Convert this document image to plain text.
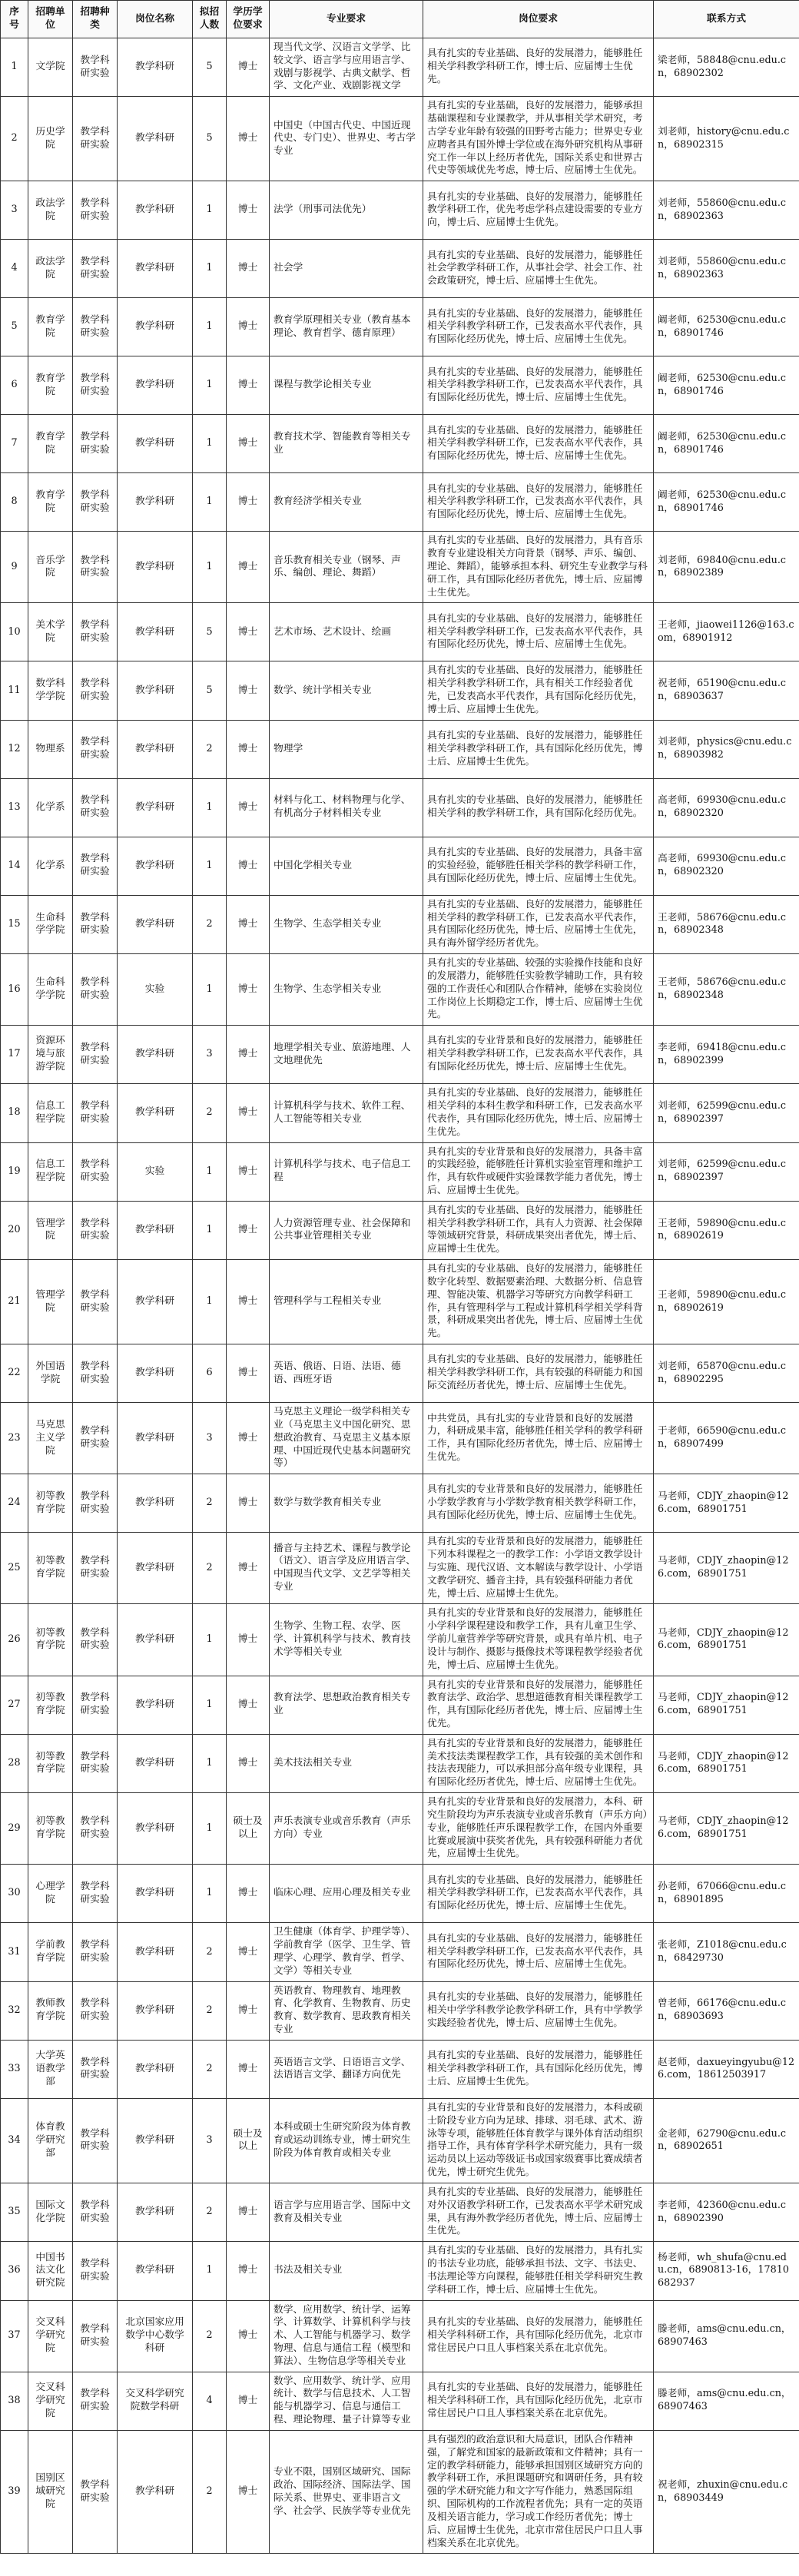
序号	招聘单位	招聘种类	岗位名称	拟招人数	学历学位要求	专业要求	岗位要求	联系方式
1	文学院	教学科研实验	教学科研	5	博士	现当代文学、汉语言文学学、比较文学、语言学与应用语言学、戏剧与影视学、古典文献学、哲学、文化产业、戏剧影视文学	具有扎实的专业基础、良好的发展潜力，能够胜任相关学科教学科研工作，博士后、应届博士生优先。	梁老师，58848@cnu.edu.cn，68902302
2	历史学院	教学科研实验	教学科研	5	博士	中国史（中国古代史、中国近现代史、专门史）、世界史、考古学专业	具有扎实的专业基础，良好的发展潜力，能够承担基础课程和专业课教学，并从事相关学术研究，考古学专业年龄有较强的田野考古能力；世界史专业应聘者具有国外博士学位或在海外研究机构从事研究工作一年以上经历者优先，国际关系史和世界古代史等领域优先考虑，博士后、应届博士生优先。	刘老师，history@cnu.edu.cn，68902315
3	政法学院	教学科研实验	教学科研	1	博士	法学（刑事司法优先）	具有扎实的专业基础、良好的发展潜力，能够胜任教学科研工作，优先考虑学科点建设需要的专业方向，博士后、应届博士生优先。	刘老师，55860@cnu.edu.cn，68902363
4	政法学院	教学科研实验	教学科研	1	博士	社会学	具有扎实的专业基础、良好的发展潜力，能够胜任社会学教学科研工作，从事社会学、社会工作、社会政策研究，博士后、应届博士生优先。	刘老师，55860@cnu.edu.cn，68902363
5	教育学院	教学科研实验	教学科研	1	博士	教育学原理相关专业（教育基本理论、教育哲学、德育原理）	具有扎实的专业基础、良好的发展潜力，能够胜任相关学科教学科研工作，已发表高水平代表作，具有国际化经历优先，博士后、应届博士生优先。	阚老师，62530@cnu.edu.cn，68901746
6	教育学院	教学科研实验	教学科研	1	博士	课程与教学论相关专业	具有扎实的专业基础、良好的发展潜力，能够胜任相关学科教学科研工作，已发表高水平代表作，具有国际化经历优先，博士后、应届博士生优先。	阚老师，62530@cnu.edu.cn，68901746
7	教育学院	教学科研实验	教学科研	1	博士	教育技术学、智能教育等相关专业	具有扎实的专业基础、良好的发展潜力，能够胜任相关学科教学科研工作，已发表高水平代表作，具有国际化经历优先，博士后、应届博士生优先。	阚老师，62530@cnu.edu.cn，68901746
8	教育学院	教学科研实验	教学科研	1	博士	教育经济学相关专业	具有扎实的专业基础、良好的发展潜力，能够胜任相关学科教学科研工作，已发表高水平代表作，具有国际化经历优先，博士后、应届博士生优先。	阚老师，62530@cnu.edu.cn，68901746
9	音乐学院	教学科研实验	教学科研	1	博士	音乐教育相关专业（钢琴、声乐、编创、理论、舞蹈）	具有扎实的专业基础、良好的发展潜力，具有音乐教育专业建设相关方向背景（钢琴、声乐、编创、理论、舞蹈），能够承担本科、研究生专业教学与科研工作，具有国际化经历者优先，博士后、应届博士生优先。	刘老师，69840@cnu.edu.cn，68902389
10	美术学院	教学科研实验	教学科研	5	博士	艺术市场、艺术设计、绘画	具有扎实的专业基础、良好的发展潜力，能够胜任相关学科教学科研工作，已发表高水平代表作，具有国际化经历优先，博士后、应届博士生优先。	王老师，jiaowei1126@163.com，68901912
11	数学科学学院	教学科研实验	教学科研	5	博士	数学、统计学相关专业	具有扎实的专业基础、良好的发展潜力，能够胜任相关学科教学科研工作，具有相关工作经验者优先，已发表高水平代表作，具有国际化经历优先，博士后、应届博士生优先。	祝老师，65190@cnu.edu.cn，68903637
12	物理系	教学科研实验	教学科研	2	博士	物理学	具有扎实的专业基础、良好的发展潜力，能够胜任相关学科教学科研工作，具有国际化经历优先，博士后、应届博士生优先。	刘老师，physics@cnu.edu.cn，68903982
13	化学系	教学科研实验	教学科研	1	博士	材料与化工、材料物理与化学、有机高分子材料相关专业	具有扎实的专业基础、良好的发展潜力，能够胜任相关学科的教学科研工作，具有国际化经历优先。	高老师，69930@cnu.edu.cn，68902320
14	化学系	教学科研实验	教学科研	1	博士	中国化学相关专业	具有扎实的专业基础、良好的发展潜力，具备丰富的实验经验，能够胜任相关学科的教学科研工作，具有国际化经历优先，博士后、应届博士生优先。	高老师，69930@cnu.edu.cn，68902320
15	生命科学学院	教学科研实验	教学科研	2	博士	生物学、生态学相关专业	具有扎实的专业基础、良好的发展潜力，能够胜任相关学科的教学科研工作，已发表高水平代表作，具有国际化经历优先，博士后、应届博士生优先，具有海外留学经历者优先。	王老师，58676@cnu.edu.cn，68902348
16	生命科学学院	教学科研实验	实验	1	博士	生物学、生态学相关专业	具有扎实的专业基础、较强的实验操作技能和良好的发展潜力，能够胜任实验教学辅助工作，具有较强的工作责任心和团队合作精神，能够在实验岗位工作岗位上长期稳定工作，博士后、应届博士生优先。	王老师，58676@cnu.edu.cn，68902348
17	资源环境与旅游学院	教学科研实验	教学科研	3	博士	地理学相关专业、旅游地理、人文地理优先	具有扎实的专业背景和良好的发展潜力，能够胜任相关学科教学科研工作，已发表高水平代表作，具有国际化经历优先，博士后、应届博士生优先。	李老师，69418@cnu.edu.cn，68902399
18	信息工程学院	教学科研实验	教学科研	2	博士	计算机科学与技术、软件工程、人工智能等相关专业	具有扎实的专业基础、良好的发展潜力，能够胜任相关学科的本科生教学和科研工作，已发表高水平代表作，具有国际化经历优先，博士后、应届博士生优先。	刘老师，62599@cnu.edu.cn，68902397
19	信息工程学院	教学科研实验	实验	1	博士	计算机科学与技术、电子信息工程	具有扎实的专业背景和良好的发展潜力，具备丰富的实践经验，能够胜任计算机实验室管理和维护工作，具有软件或硬件实验课教学能力者优先，博士后、应届博士生优先。	刘老师，62599@cnu.edu.cn，68902397
20	管理学院	教学科研实验	教学科研	1	博士	人力资源管理专业、社会保障和公共事业管理相关专业	具有扎实的专业基础、良好的发展潜力，能够胜任相关学科教学科研工作，具有人力资源、社会保障等领域研究背景，科研成果突出者优先，博士后、应届博士生优先。	王老师，59890@cnu.edu.cn，68902619
21	管理学院	教学科研实验	教学科研	1	博士	管理科学与工程相关专业	具有扎实的专业基础、良好的发展潜力，能够胜任数字化转型、数据要素治理、大数据分析、信息管理、智能决策、机器学习等研究方向教学科研工作，具有管理科学与工程或计算机科学相关学科背景，科研成果突出者优先，博士后、应届博士生优先。	王老师，59890@cnu.edu.cn，68902619
22	外国语学院	教学科研实验	教学科研	6	博士	英语、俄语、日语、法语、德语、西班牙语	具有扎实的专业基础、良好的发展潜力，能够胜任相关学科教学科研工作，具有较强的科研能力和国际交流经历者优先，博士后、应届博士生优先。	刘老师，65870@cnu.edu.cn，68902295
23	马克思主义学院	教学科研实验	教学科研	3	博士	马克思主义理论一级学科相关专业（马克思主义中国化研究、思想政治教育、马克思主义基本原理、中国近现代史基本问题研究等）	中共党员，具有扎实的专业背景和良好的发展潜力，科研成果丰富，能够胜任相关学科的教学科研工作，具有国际化经历者优先，博士后、应届博士生优先。	于老师，66590@cnu.edu.cn，68907499
24	初等教育学院	教学科研实验	教学科研	2	博士	数学与数学教育相关专业	具有扎实的专业背景和良好的发展潜力，能够胜任小学数学教育与小学数学教育相关教学科研工作，具有国际化经历优先，博士后、应届博士生优先。	马老师，CDJY_zhaopin@126.com，68901751
25	初等教育学院	教学科研实验	教学科研	2	博士	播音与主持艺术、课程与教学论（语文）、语言学及应用语言学、中国现当代文学、文艺学等相关专业	具有扎实的专业背景和良好的发展潜力，能够胜任下列本科课程之一的教学工作：小学语文教学设计与实施、现代汉语、文本解读与教学设计、小学语文教学研究、播音主持，具有较强科研能力者优先，博士后、应届博士生优先。	马老师，CDJY_zhaopin@126.com，68901751
26	初等教育学院	教学科研实验	教学科研	1	博士	生物学、生物工程、农学、医学、计算机科学与技术、教育技术学等相关专业	具有扎实的专业背景和良好的发展潜力，能够胜任小学科学课程建设和教学工作，具有儿童卫生学、学前儿童营养学等研究背景，或具有单片机、电子设计与制作、摄影与摄像技术等课程教学经验者优先，博士后、应届博士生优先。	马老师，CDJY_zhaopin@126.com，68901751
27	初等教育学院	教学科研实验	教学科研	1	博士	教育法学、思想政治教育相关专业	具有扎实的专业背景和良好的发展潜力，能够胜任教育法学、政治学、思想道德教育相关课程教学工作，具有国际化经历者优先，博士后、应届博士生优先。	马老师，CDJY_zhaopin@126.com，68901751
28	初等教育学院	教学科研实验	教学科研	1	博士	美术技法相关专业	具有扎实的专业背景和良好的发展潜力，能够胜任美术技法类课程教学工作，具有较强的美术创作和技法表现能力，可以承担部分高年级专业课程，具有国际化经历者优先，博士后、应届博士生优先。	马老师，CDJY_zhaopin@126.com，68901751
29	初等教育学院	教学科研实验	教学科研	1	硕士及以上	声乐表演专业或音乐教育（声乐方向）专业	具有扎实的专业背景和良好的发展潜力，本科、研究生阶段均为声乐表演专业或音乐教育（声乐方向）专业，能够胜任声乐课程教学工作，在国内外重要比赛或展演中获奖者优先，具有较强科研能力者优先，应届博士生优先。	马老师，CDJY_zhaopin@126.com，68901751
30	心理学院	教学科研实验	教学科研	1	博士	临床心理、应用心理及相关专业	具有扎实的专业基础、良好的发展潜力，能够胜任相关学科教学科研工作，已发表高水平代表作，具有国际化经历优先，博士后、应届博士生优先。	孙老师，67066@cnu.edu.cn，68901895
31	学前教育学院	教学科研实验	教学科研	2	博士	卫生健康（体育学、护理学等）、学前教育学（医学、卫生学、管理学、心理学、教育学、哲学、文学）等相关专业	具有扎实的专业基础、良好的发展潜力，能够胜任相关学科教学科研工作，已发表高水平代表作，具有国际化经历优先，博士后、应届博士生优先。	张老师，Z1018@cnu.edu.cn，68429730
32	教师教育学院	教学科研实验	教学科研	2	博士	英语教育、物理教育、地理教育、化学教育、生物教育、历史教育、数学教育、思政教育相关专业	具有扎实的专业基础、良好的发展潜力，能够胜任相关中学学科教学论教学科研工作，具有中学教学实践经验者优先，博士后、应届博士生优先。	曾老师，66176@cnu.edu.cn，68903693
33	大学英语教学部	教学科研实验	教学科研	2	博士	英语语言文学、日语语言文学、法语语言文学、翻译方向优先	具有扎实的专业基础、良好的发展潜力，能够胜任相关学科教学科研工作，具有国际化经历优先，博士后、应届博士生优先。	赵老师，daxueyingyubu@126.com，18612503917
34	体育教学研究部	教学科研实验	教学科研	3	硕士及以上	本科或硕士生研究阶段为体育教育或运动训练专业，博士研究生阶段为体育教育或相关专业	具有扎实的专业背景和良好的发展潜力，本科或硕士阶段专业方向为足球、排球、羽毛球、武术、游泳等专项，能够胜任体育教学与课外体育活动组织指导工作，具有体育学科学术研究能力，具有一级运动员以上运动等级证书或国家级赛事比赛成绩者优先，博士研究生优先。	金老师，62790@cnu.edu.cn，68902651
35	国际文化学院	教学科研实验	教学科研	2	博士	语言学与应用语言学、国际中文教育及相关专业	具有扎实的专业基础、良好的发展潜力，能够胜任对外汉语教学科研工作，已发表高水平学术研究成果，具有海外教学经历者优先，博士后、应届博士生优先。	李老师，42360@cnu.edu.cn，68902390
36	中国书法文化研究院	教学科研实验	教学科研	1	博士	书法及相关专业	具有扎实的专业基础、良好的发展潜力，具有扎实的书法专业功底，能够承担书法、文字、书法史、书法理论等方向课程，能够胜任相关学科研究生教学科研工作，博士后、应届博士生优先。	杨老师，wh_shufa@cnu.edu.cn，6890813-16，17810682937
37	交叉科学研究院	教学科研实验	北京国家应用数学中心数学科研	2	博士	数学、应用数学、统计学、运筹学、计算数学、计算机科学与技术、人工智能与机器学习、数学物理、信息与通信工程（模型和算法）、生物信息学等相关专业	具有扎实的专业基础、良好的发展潜力，能够胜任相关学科科研工作，具有国际化经历优先，北京市常住居民户口且人事档案关系在北京优先。	滕老师，ams@cnu.edu.cn，68907463
38	交叉科学研究院	教学科研实验	交叉科学研究院数学科研	4	博士	数学、应用数学、统计学、应用统计、数学与信息技术、人工智能与机器学习、信息与通信工程、理论物理、量子计算等专业	具有扎实的专业基础、良好的发展潜力，能够胜任相关学科科研工作，具有国际化经历优先，北京市常住居民户口且人事档案关系在北京优先。	滕老师，ams@cnu.edu.cn，68907463
39	国别区域研究院	教学科研实验	教学科研	2	博士	专业不限，国别区域研究、国际政治、国际经济、国际法学、国际关系、世界史、亚非语言文学、社会学、民族学等专业优先	具有强烈的政治意识和大局意识，团队合作精神强，了解党和国家的最新政策和文件精神；具有一定的教学科研能力，能够承担国别区域研究方向的教学科研工作，承担课题研究和调研任务，具有较强的学术研究能力和文字写作能力，熟悉国际组织、国际机构的工作流程者优先；具有一定的英语及相关语言能力，学习或工作经历者优先；博士后、应届博士生优先，北京市常住居民户口且人事档案关系在北京优先。	祝老师，zhuxin@cnu.edu.cn，68903449
